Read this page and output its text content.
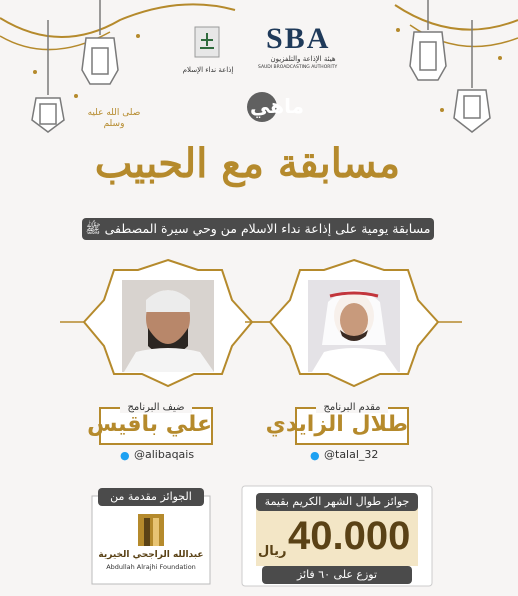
SBA
هيئة الإذاعة والتلفزيون
SAUDI BROADCASTING AUTHORITY
إذاعة نداء الإسلام
ماهي
مسابقة مع الحبيب
صلى الله عليه وسلم
مسابقة يومية على إذاعة نداء الاسلام من وحي سيرة المصطفى ﷺ
ضيف البرنامج
علي باقيس
● @alibaqais
مقدم البرنامج
طلال الزايدي
● @talal_32
الجوائز مقدمة من
عبدالله الراجحي الخيرية
Abdullah Alrajhi Foundation
جوائز طوال الشهر الكريم بقيمة
40.000
ريال
توزع على ٦٠ فائز
